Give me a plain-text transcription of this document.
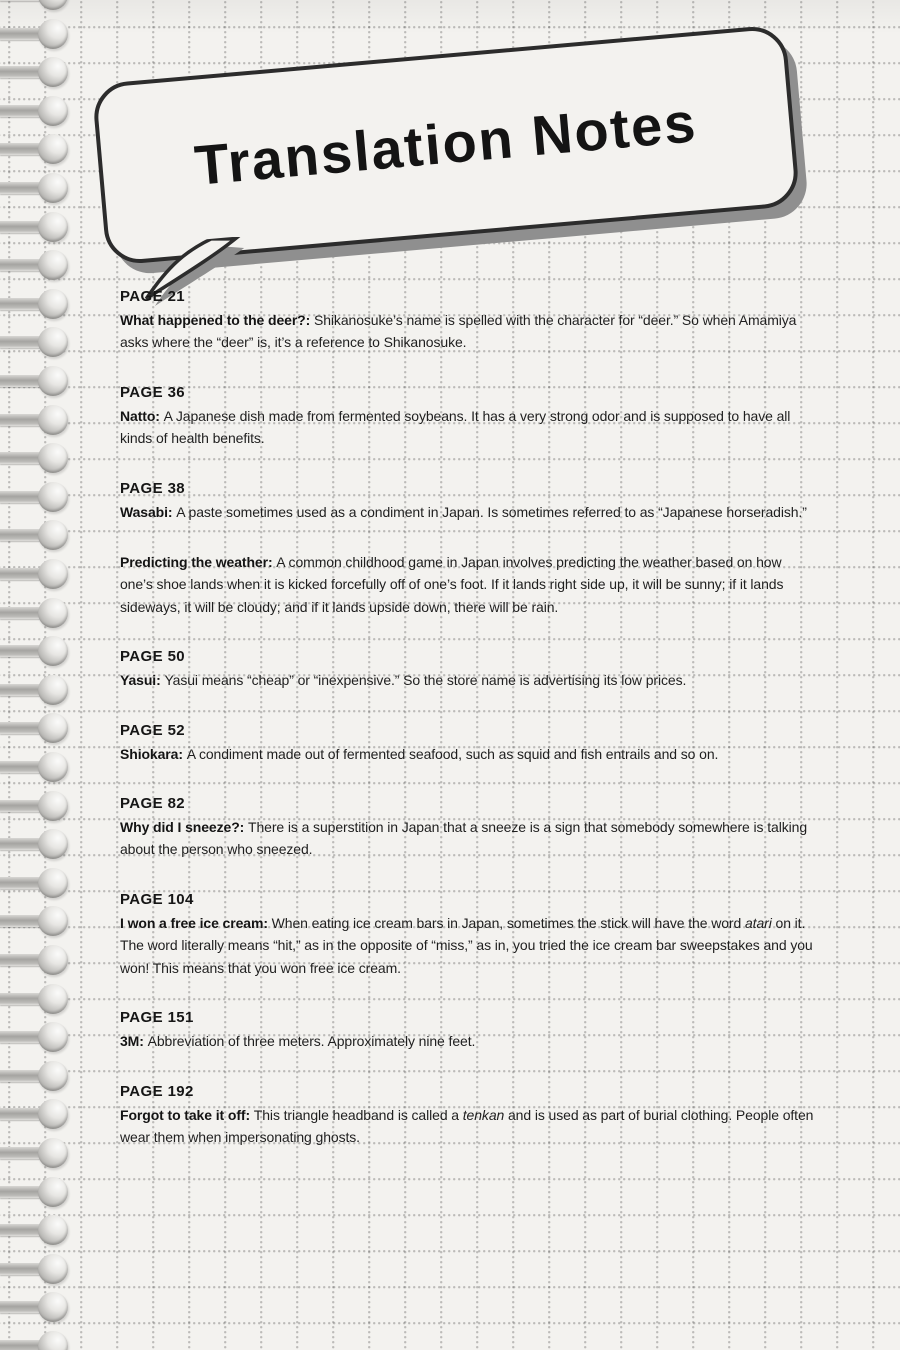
Translation Notes
PAGE 21

What happened to the deer?: Shikanosuke’s name is spelled with the character for “deer.” So when Amamiya asks where the “deer” is, it’s a reference to Shikanosuke.

PAGE 36

Natto: A Japanese dish made from fermented soybeans. It has a very strong odor and is supposed to have all kinds of health benefits.

PAGE 38

Wasabi: A paste sometimes used as a condiment in Japan. Is sometimes referred to as “Japanese horseradish.”

Predicting the weather: A common childhood game in Japan involves predicting the weather based on how one’s shoe lands when it is kicked forcefully off of one’s foot. If it lands right side up, it will be sunny; if it lands sideways, it will be cloudy; and if it lands upside down, there will be rain.

PAGE 50

Yasui: Yasui means “cheap” or “inexpensive.” So the store name is advertising its low prices.

PAGE 52

Shiokara: A condiment made out of fermented seafood, such as squid and fish entrails and so on.

PAGE 82

Why did I sneeze?: There is a superstition in Japan that a sneeze is a sign that somebody somewhere is talking about the person who sneezed.

PAGE 104

I won a free ice cream: When eating ice cream bars in Japan, sometimes the stick will have the word atari on it. The word literally means “hit,” as in the opposite of “miss,” as in, you tried the ice cream bar sweepstakes and you won! This means that you won free ice cream.

PAGE 151

3M: Abbreviation of three meters. Approximately nine feet.

PAGE 192

Forgot to take it off: This triangle headband is called a tenkan and is used as part of burial clothing. People often wear them when impersonating ghosts.
